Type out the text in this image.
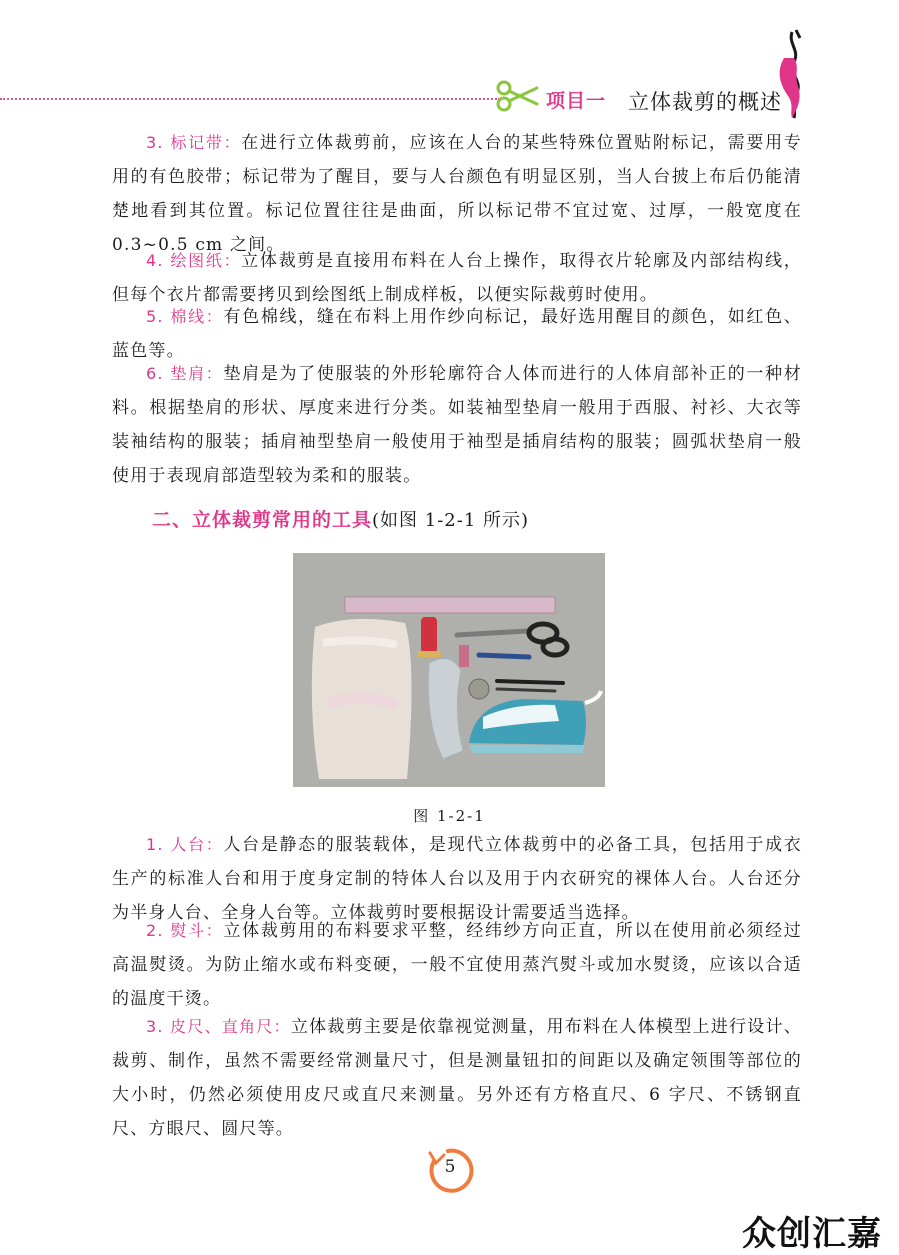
项目一 立体裁剪的概述
3. 标记带：在进行立体裁剪前，应该在人台的某些特殊位置贴附标记，需要用专用的有色胶带；标记带为了醒目，要与人台颜色有明显区别，当人台披上布后仍能清楚地看到其位置。标记位置往往是曲面，所以标记带不宜过宽、过厚，一般宽度在 0.3~0.5 cm 之间。
4. 绘图纸：立体裁剪是直接用布料在人台上操作，取得衣片轮廓及内部结构线，但每个衣片都需要拷贝到绘图纸上制成样板，以便实际裁剪时使用。
5. 棉线：有色棉线，缝在布料上用作纱向标记，最好选用醒目的颜色，如红色、蓝色等。
6. 垫肩：垫肩是为了使服装的外形轮廓符合人体而进行的人体肩部补正的一种材料。根据垫肩的形状、厚度来进行分类。如装袖型垫肩一般用于西服、衬衫、大衣等装袖结构的服装；插肩袖型垫肩一般使用于袖型是插肩结构的服装；圆弧状垫肩一般使用于表现肩部造型较为柔和的服装。
二、立体裁剪常用的工具(如图 1-2-1 所示)
图 1-2-1
1. 人台：人台是静态的服装载体，是现代立体裁剪中的必备工具，包括用于成衣生产的标准人台和用于度身定制的特体人台以及用于内衣研究的裸体人台。人台还分为半身人台、全身人台等。立体裁剪时要根据设计需要适当选择。
2. 熨斗：立体裁剪用的布料要求平整，经纬纱方向正直，所以在使用前必须经过高温熨烫。为防止缩水或布料变硬，一般不宜使用蒸汽熨斗或加水熨烫，应该以合适的温度干烫。
3. 皮尺、直角尺：立体裁剪主要是依靠视觉测量，用布料在人体模型上进行设计、裁剪、制作，虽然不需要经常测量尺寸，但是测量钮扣的间距以及确定领围等部位的大小时，仍然必须使用皮尺或直尺来测量。另外还有方格直尺、6 字尺、不锈钢直尺、方眼尺、圆尺等。
5
众创汇嘉
